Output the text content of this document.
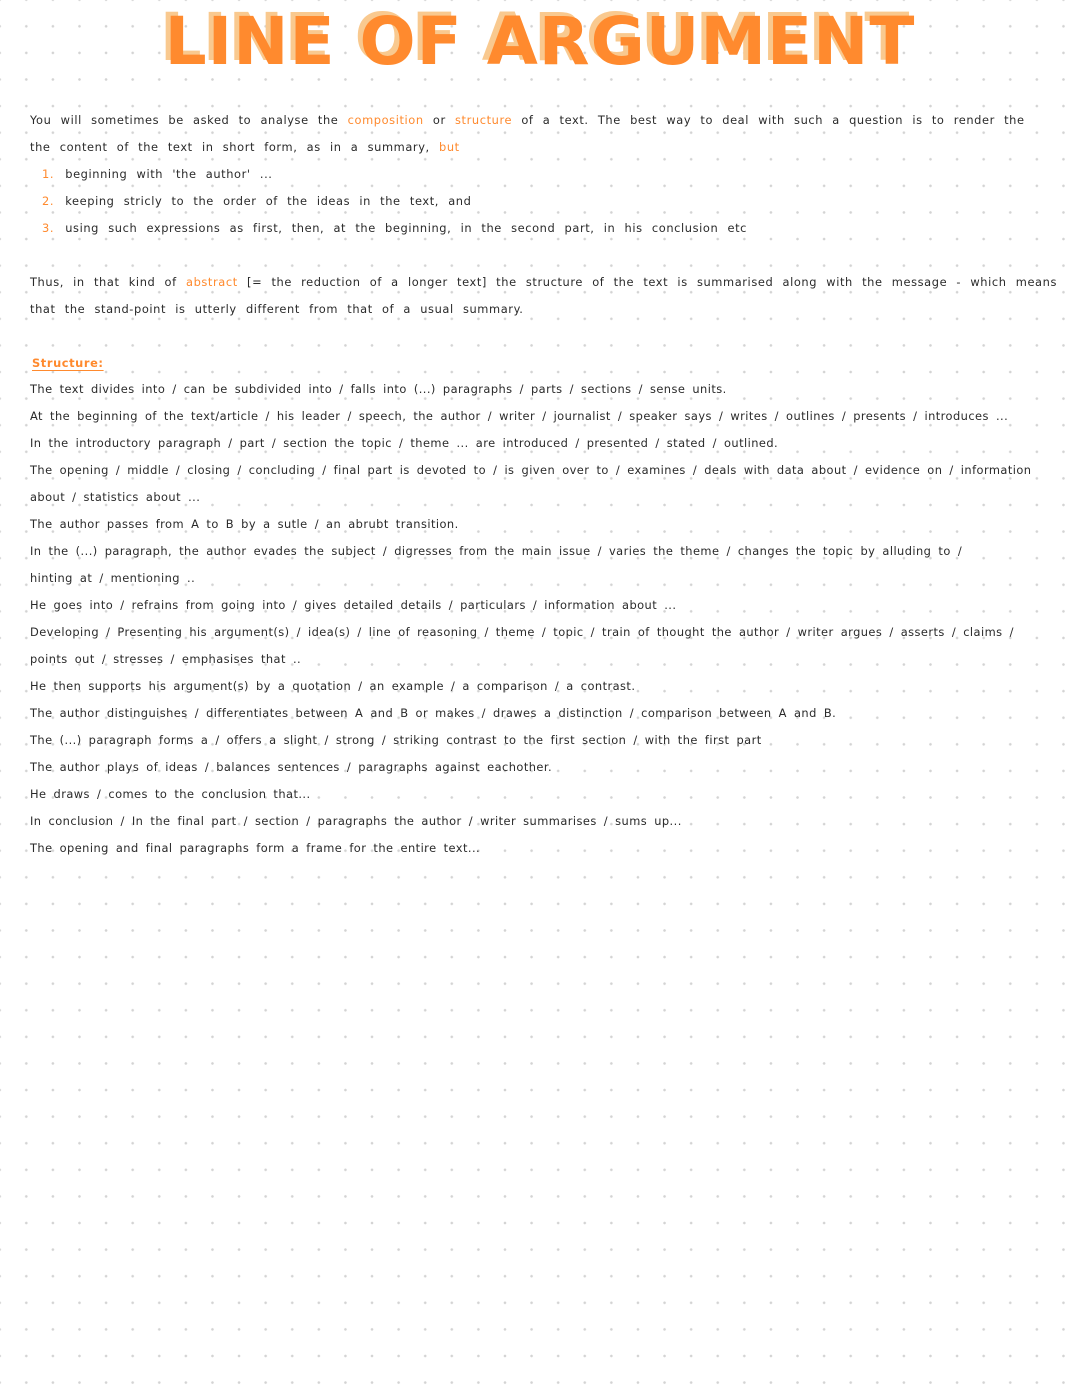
LINE OF ARGUMENT
You will sometimes be asked to analyse the composition or structure of a text. The best way to deal with such a question is to render the
the content of the text in short form, as in a summary, but
1. beginning with 'the author' ...
2. keeping stricly to the order of the ideas in the text, and
3. using such expressions as first, then, at the beginning, in the second part, in his conclusion etc
Thus, in that kind of abstract [= the reduction of a longer text] the structure of the text is summarised along with the message - which means
that the stand-point is utterly different from that of a usual summary.
Structure:
The text divides into / can be subdivided into / falls into (...) paragraphs / parts / sections / sense units.
At the beginning of the text/article / his leader / speech, the author / writer / journalist / speaker says / writes / outlines / presents / introduces ...
In the introductory paragraph / part / section the topic / theme ... are introduced / presented / stated / outlined.
The opening / middle / closing / concluding / final part is devoted to / is given over to / examines / deals with data about / evidence on / information
about / statistics about ...
The author passes from A to B by a sutle / an abrubt transition.
In the (...) paragraph, the author evades the subject / digresses from the main issue / varies the theme / changes the topic by alluding to /
hinting at / mentioning ..
He goes into / refrains from going into / gives detailed details / particulars / information about ...
Developing / Presenting his argument(s) / idea(s) / line of reasoning / theme / topic / train of thought the author / writer argues / asserts / claims /
points out / stresses / emphasises that ..
He then supports his argument(s) by a quotation / an example / a comparison / a contrast.
The author distinguishes / differentiates between A and B or makes / drawes a distinction / comparison between A and B.
The (...) paragraph forms a / offers a slight / strong / striking contrast to the first section / with the first part
The author plays of ideas / balances sentences / paragraphs against eachother.
He draws / comes to the conclusion that...
In conclusion / In the final part / section / paragraphs the author / writer summarises / sums up...
The opening and final paragraphs form a frame for the entire text...
